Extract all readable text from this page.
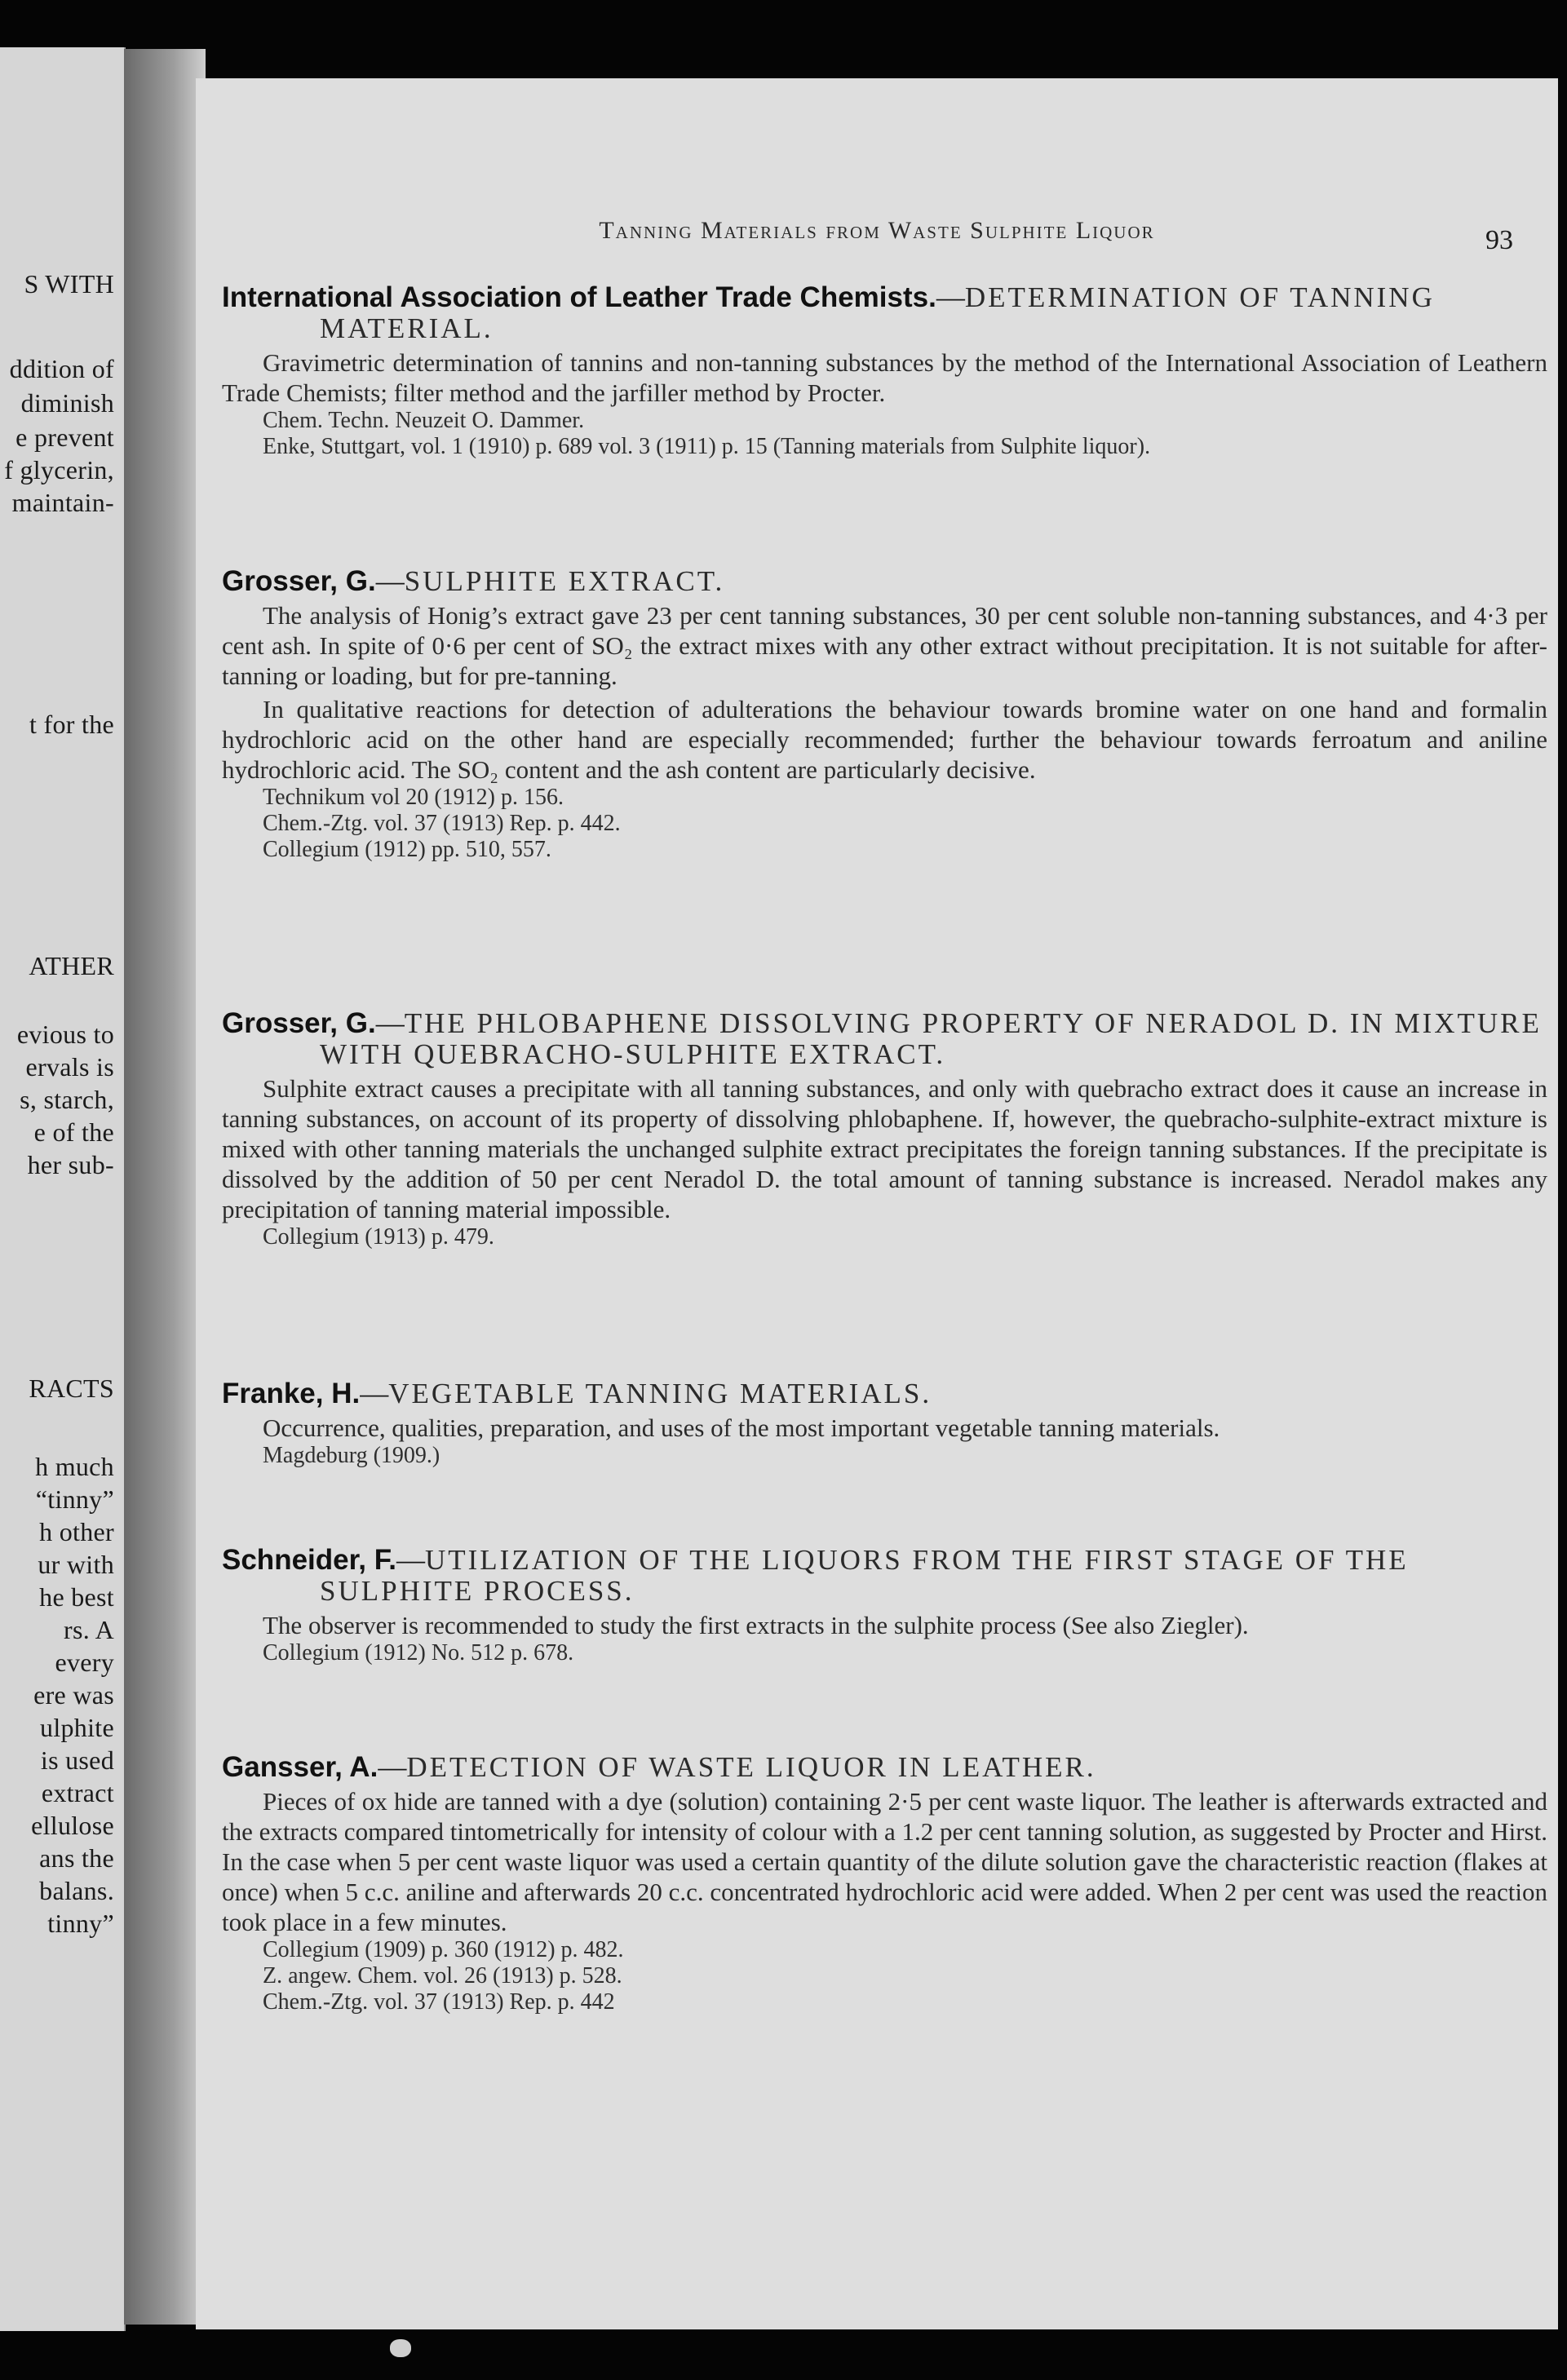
S WITH
ddition of
diminish
e prevent
f glycerin,
maintain-
t for the
ATHER
evious to
ervals is
s, starch,
e of the
her sub-
RACTS
h much
“tinny”
h other
ur with
he best
rs. A
every
ere was
ulphite
is used
extract
ellulose
ans the
balans.
tinny”
Tanning Materials from Waste Sulphite Liquor	93

International Association of Leather Trade Chemists.—DETERMINATION OF TANNING MATERIAL.

Gravimetric determination of tannins and non-tanning substances by the method of the International Association of Leathern Trade Chemists; filter method and the jarfiller method by Procter.

Chem. Techn. Neuzeit O. Dammer.

Enke, Stuttgart, vol. 1 (1910) p. 689 vol. 3 (1911) p. 15 (Tanning materials from Sulphite liquor).

Grosser, G.—SULPHITE EXTRACT.

The analysis of Honig’s extract gave 23 per cent tanning substances, 30 per cent soluble non-tanning substances, and 4·3 per cent ash. In spite of 0·6 per cent of SO₂ the extract mixes with any other extract without precipitation. It is not suitable for after-tanning or loading, but for pre-tanning.

In qualitative reactions for detection of adulterations the behaviour towards bromine water on one hand and formalin hydrochloric acid on the other hand are especially recommended; further the behaviour towards ferroatum and aniline hydrochloric acid. The SO₂ content and the ash content are particularly decisive.

Technikum vol 20 (1912) p. 156.

Chem.-Ztg. vol. 37 (1913) Rep. p. 442.

Collegium (1912) pp. 510, 557.

Grosser, G.—THE PHLOBAPHENE DISSOLVING PROPERTY OF NERADOL D. IN MIXTURE WITH QUEBRACHO-SULPHITE EXTRACT.

Sulphite extract causes a precipitate with all tanning substances, and only with quebracho extract does it cause an increase in tanning substances, on account of its property of dissolving phlobaphene. If, however, the quebracho-sulphite-extract mixture is mixed with other tanning materials the unchanged sulphite extract precipitates the foreign tanning substances. If the precipitate is dissolved by the addition of 50 per cent Neradol D. the total amount of tanning substance is increased. Neradol makes any precipitation of tanning material impossible.

Collegium (1913) p. 479.

Franke, H.—VEGETABLE TANNING MATERIALS.

Occurrence, qualities, preparation, and uses of the most important vegetable tanning materials.

Magdeburg (1909.)

Schneider, F.—UTILIZATION OF THE LIQUORS FROM THE FIRST STAGE OF THE SULPHITE PROCESS.

The observer is recommended to study the first extracts in the sulphite process (See also Ziegler).

Collegium (1912) No. 512 p. 678.

Gansser, A.—DETECTION OF WASTE LIQUOR IN LEATHER.

Pieces of ox hide are tanned with a dye (solution) containing 2·5 per cent waste liquor. The leather is afterwards extracted and the extracts compared tintometrically for intensity of colour with a 1.2 per cent tanning solution, as suggested by Procter and Hirst. In the case when 5 per cent waste liquor was used a certain quantity of the dilute solution gave the characteristic reaction (flakes at once) when 5 c.c. aniline and afterwards 20 c.c. concentrated hydrochloric acid were added. When 2 per cent was used the reaction took place in a few minutes.

Collegium (1909) p. 360 (1912) p. 482.

Z. angew. Chem. vol. 26 (1913) p. 528.

Chem.-Ztg. vol. 37 (1913) Rep. p. 442
